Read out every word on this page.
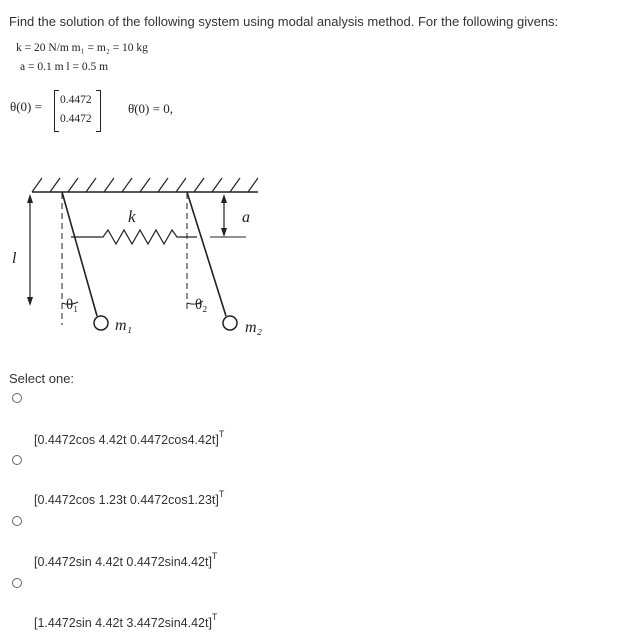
Find the solution of the following system using modal analysis method. For the following givens:
k = 20 N/m m₁ = m₂ = 10 kg
a = 0.1 m l = 0.5 m
θ(0) = 0.4472
0.4472
θ̇(0) = 0,
k	a
l
θ₁	θ₂
m₁	m₂
Select one:
[0.4472cos 4.42t 0.4472cos4.42t]$^T$
[0.4472cos 1.23t 0.4472cos1.23t]$^T$
[0.4472sin 4.42t 0.4472sin4.42t]$^T$
[1.4472sin 4.42t 3.4472sin4.42t]$^T$
